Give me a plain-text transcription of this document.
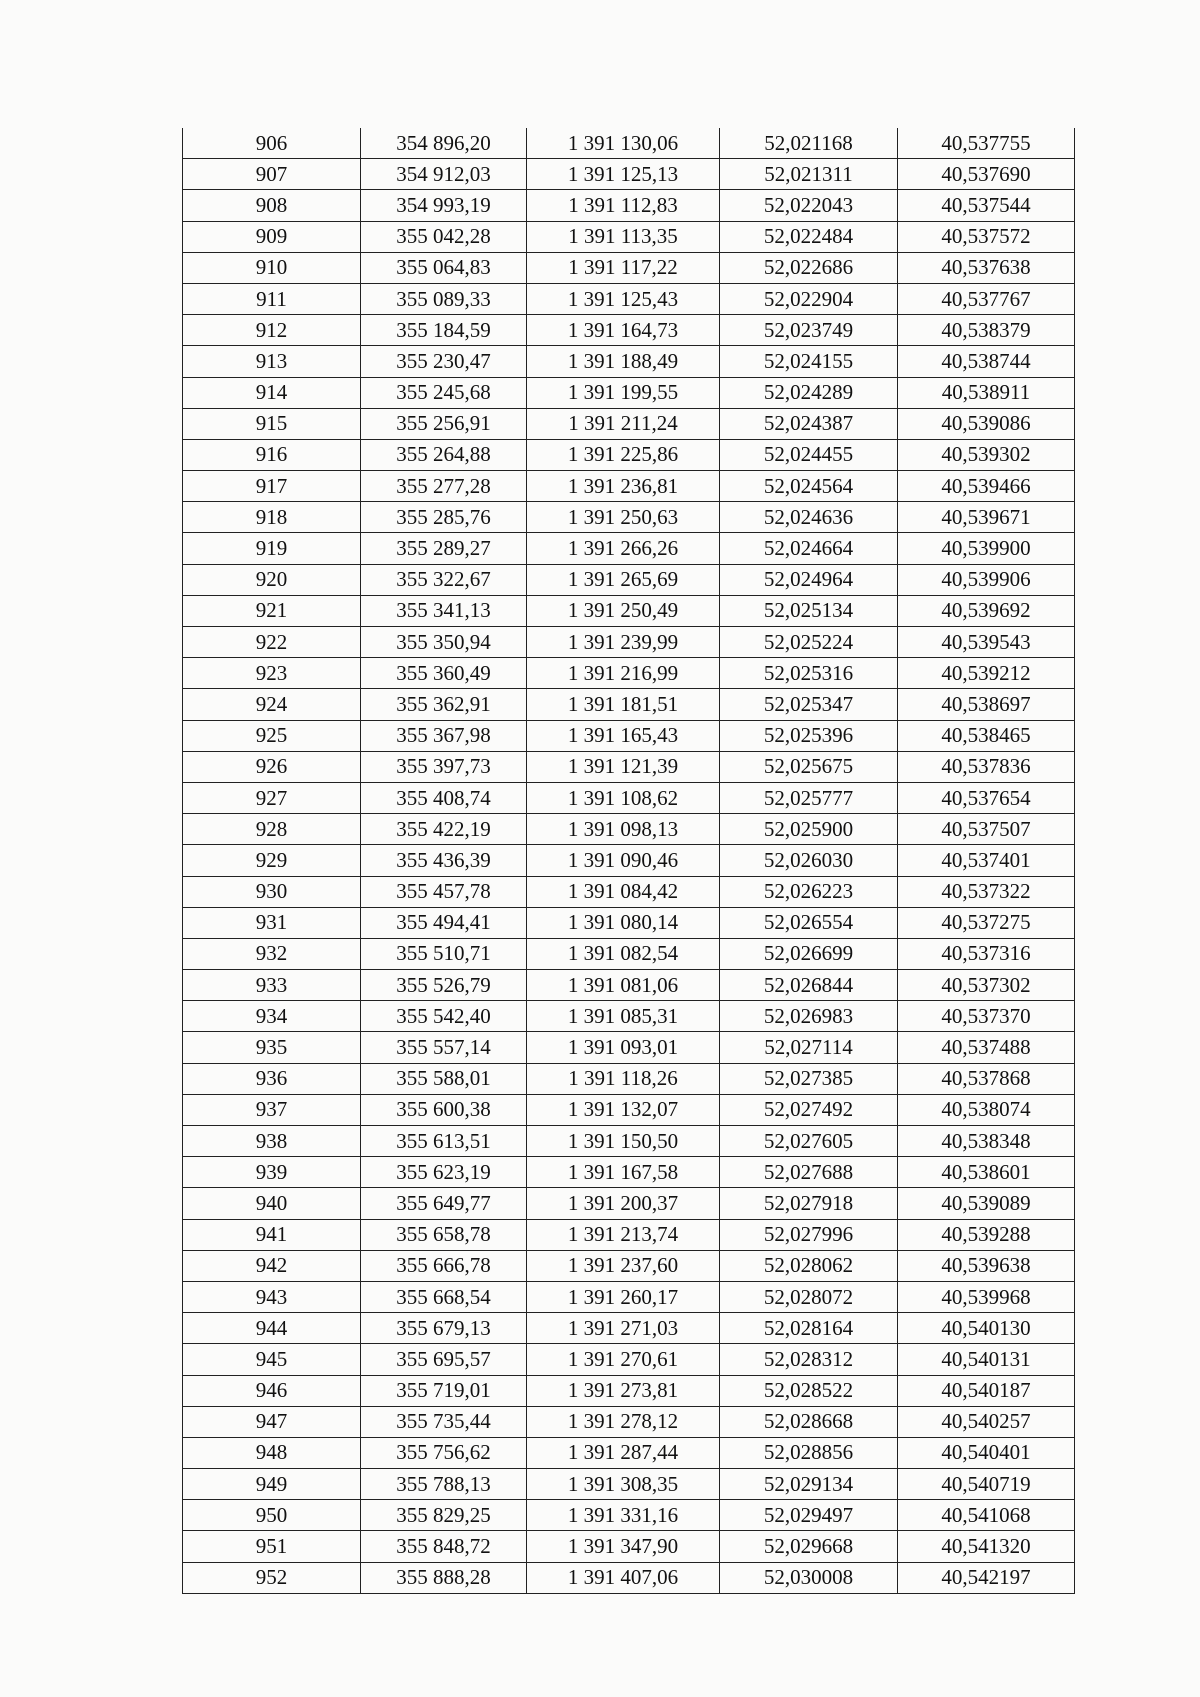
906	354 896,20	1 391 130,06	52,021168	40,537755
907	354 912,03	1 391 125,13	52,021311	40,537690
908	354 993,19	1 391 112,83	52,022043	40,537544
909	355 042,28	1 391 113,35	52,022484	40,537572
910	355 064,83	1 391 117,22	52,022686	40,537638
911	355 089,33	1 391 125,43	52,022904	40,537767
912	355 184,59	1 391 164,73	52,023749	40,538379
913	355 230,47	1 391 188,49	52,024155	40,538744
914	355 245,68	1 391 199,55	52,024289	40,538911
915	355 256,91	1 391 211,24	52,024387	40,539086
916	355 264,88	1 391 225,86	52,024455	40,539302
917	355 277,28	1 391 236,81	52,024564	40,539466
918	355 285,76	1 391 250,63	52,024636	40,539671
919	355 289,27	1 391 266,26	52,024664	40,539900
920	355 322,67	1 391 265,69	52,024964	40,539906
921	355 341,13	1 391 250,49	52,025134	40,539692
922	355 350,94	1 391 239,99	52,025224	40,539543
923	355 360,49	1 391 216,99	52,025316	40,539212
924	355 362,91	1 391 181,51	52,025347	40,538697
925	355 367,98	1 391 165,43	52,025396	40,538465
926	355 397,73	1 391 121,39	52,025675	40,537836
927	355 408,74	1 391 108,62	52,025777	40,537654
928	355 422,19	1 391 098,13	52,025900	40,537507
929	355 436,39	1 391 090,46	52,026030	40,537401
930	355 457,78	1 391 084,42	52,026223	40,537322
931	355 494,41	1 391 080,14	52,026554	40,537275
932	355 510,71	1 391 082,54	52,026699	40,537316
933	355 526,79	1 391 081,06	52,026844	40,537302
934	355 542,40	1 391 085,31	52,026983	40,537370
935	355 557,14	1 391 093,01	52,027114	40,537488
936	355 588,01	1 391 118,26	52,027385	40,537868
937	355 600,38	1 391 132,07	52,027492	40,538074
938	355 613,51	1 391 150,50	52,027605	40,538348
939	355 623,19	1 391 167,58	52,027688	40,538601
940	355 649,77	1 391 200,37	52,027918	40,539089
941	355 658,78	1 391 213,74	52,027996	40,539288
942	355 666,78	1 391 237,60	52,028062	40,539638
943	355 668,54	1 391 260,17	52,028072	40,539968
944	355 679,13	1 391 271,03	52,028164	40,540130
945	355 695,57	1 391 270,61	52,028312	40,540131
946	355 719,01	1 391 273,81	52,028522	40,540187
947	355 735,44	1 391 278,12	52,028668	40,540257
948	355 756,62	1 391 287,44	52,028856	40,540401
949	355 788,13	1 391 308,35	52,029134	40,540719
950	355 829,25	1 391 331,16	52,029497	40,541068
951	355 848,72	1 391 347,90	52,029668	40,541320
952	355 888,28	1 391 407,06	52,030008	40,542197
